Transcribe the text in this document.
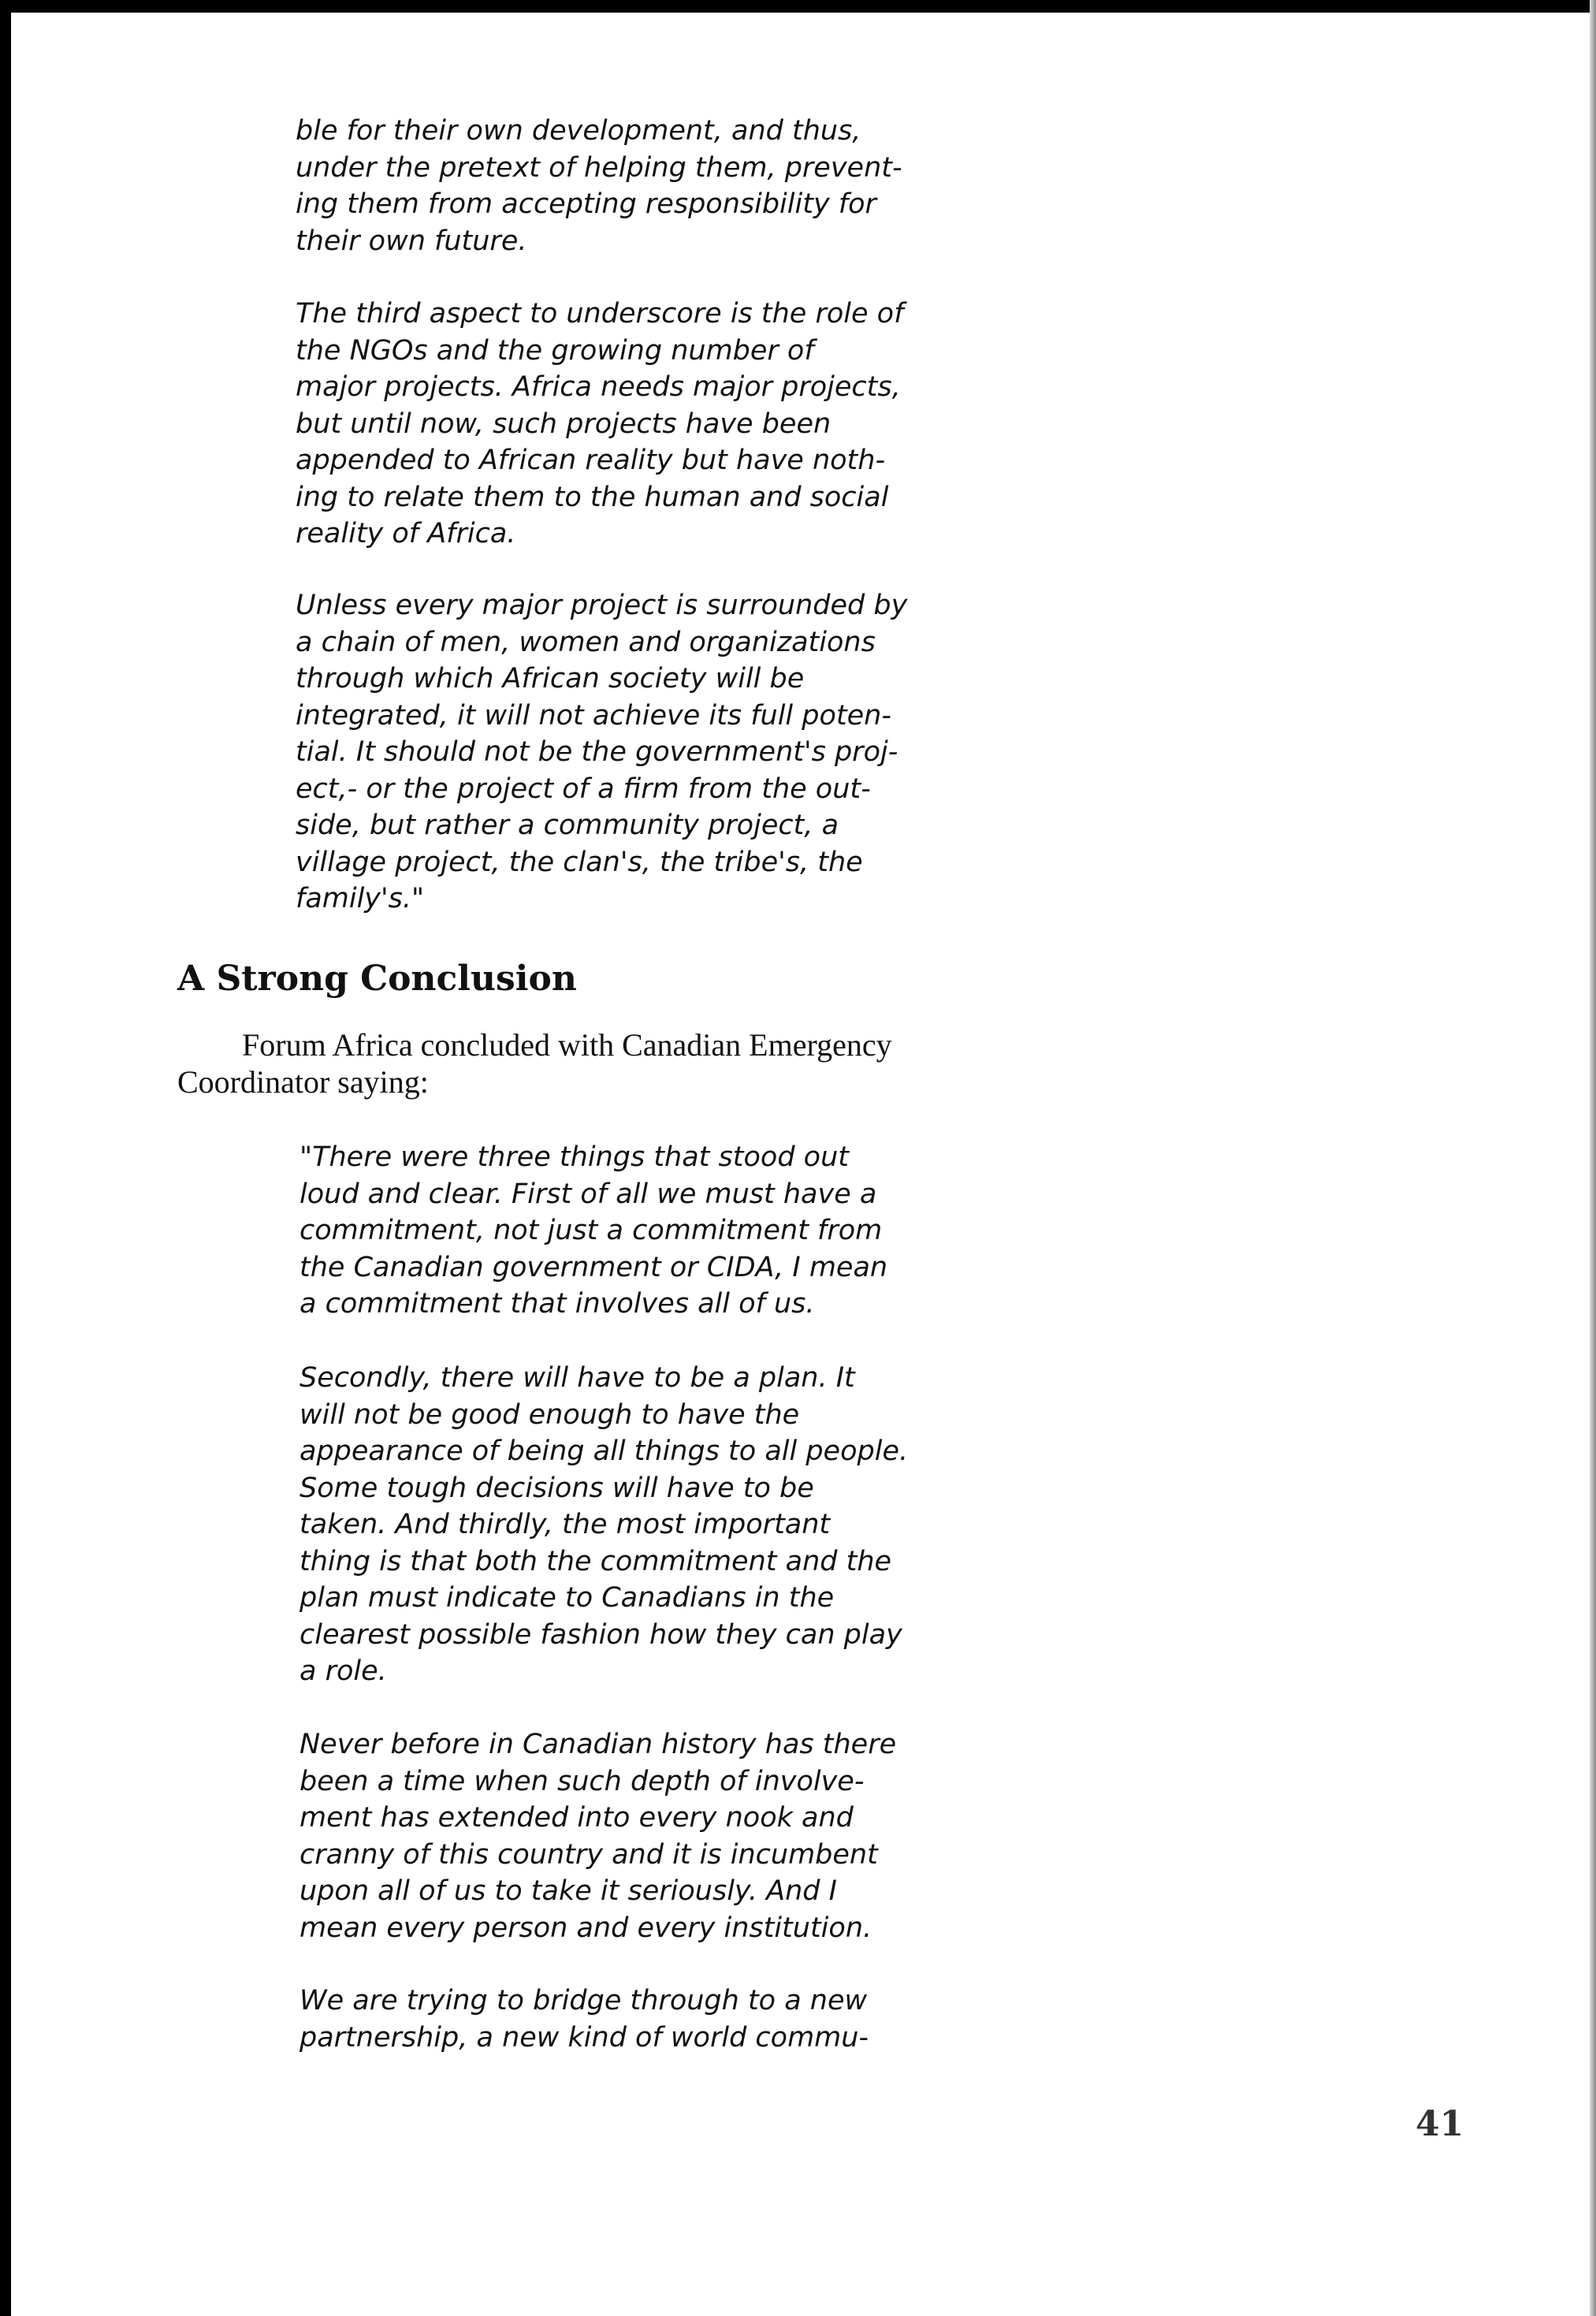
ble for their own development, and thus,
under the pretext of helping them, prevent-
ing them from accepting responsibility for
their own future.
The third aspect to underscore is the role of
the NGOs and the growing number of
major projects. Africa needs major projects,
but until now, such projects have been
appended to African reality but have noth-
ing to relate them to the human and social
reality of Africa.
Unless every major project is surrounded by
a chain of men, women and organizations
through which African society will be
integrated, it will not achieve its full poten-
tial. It should not be the government's proj-
ect,- or the project of a firm from the out-
side, but rather a community project, a
village project, the clan's, the tribe's, the
family's."
A Strong Conclusion
Forum Africa concluded with Canadian Emergency
Coordinator saying:
"There were three things that stood out
loud and clear. First of all we must have a
commitment, not just a commitment from
the Canadian government or CIDA, I mean
a commitment that involves all of us.
Secondly, there will have to be a plan. It
will not be good enough to have the
appearance of being all things to all people.
Some tough decisions will have to be
taken. And thirdly, the most important
thing is that both the commitment and the
plan must indicate to Canadians in the
clearest possible fashion how they can play
a role.
Never before in Canadian history has there
been a time when such depth of involve-
ment has extended into every nook and
cranny of this country and it is incumbent
upon all of us to take it seriously. And I
mean every person and every institution.
We are trying to bridge through to a new
partnership, a new kind of world commu-
41
